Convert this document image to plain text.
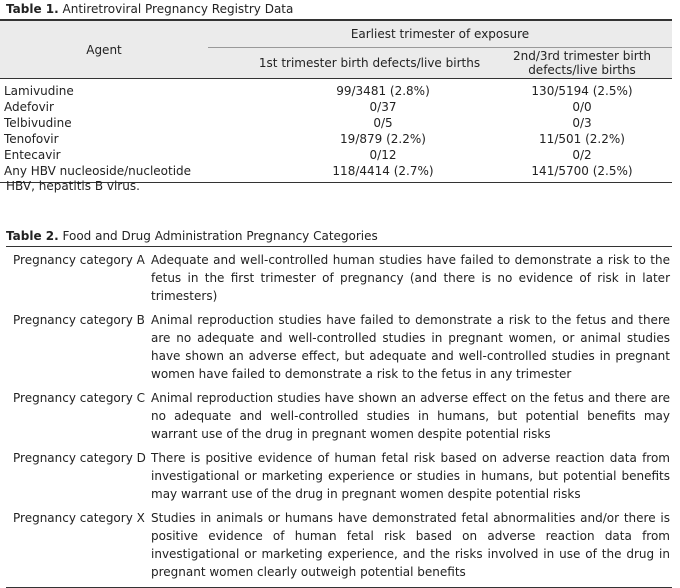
Table 1. Antiretroviral Pregnancy Registry Data
Agent	Earliest trimester of exposure	
	1st trimester birth defects/live births	2nd/3rd trimester birth defects/live births
Lamivudine	99/3481 (2.8%)	130/5194 (2.5%)
Adefovir	0/37	0/0
Telbivudine	0/5	0/3
Tenofovir	19/879 (2.2%)	11/501 (2.2%)
Entecavir	0/12	0/2
Any HBV nucleoside/nucleotide	118/4414 (2.7%)	141/5700 (2.5%)
HBV, hepatitis B virus.
Table 2. Food and Drug Administration Pregnancy Categories
Pregnancy category A	Adequate and well-controlled human studies have failed to demonstrate a risk to the fetus in the first trimester of pregnancy (and there is no evidence of risk in later trimesters)
Pregnancy category B	Animal reproduction studies have failed to demonstrate a risk to the fetus and there are no adequate and well-controlled studies in pregnant women, or animal studies have shown an adverse effect, but adequate and well-controlled studies in pregnant women have failed to demonstrate a risk to the fetus in any trimester
Pregnancy category C	Animal reproduction studies have shown an adverse effect on the fetus and there are no adequate and well-controlled studies in humans, but potential benefits may warrant use of the drug in pregnant women despite potential risks
Pregnancy category D	There is positive evidence of human fetal risk based on adverse reaction data from investigational or marketing experience or studies in humans, but potential benefits may warrant use of the drug in pregnant women despite potential risks
Pregnancy category X	Studies in animals or humans have demonstrated fetal abnormalities and/or there is positive evidence of human fetal risk based on adverse reaction data from investigational or marketing experience, and the risks involved in use of the drug in pregnant women clearly outweigh potential benefits
